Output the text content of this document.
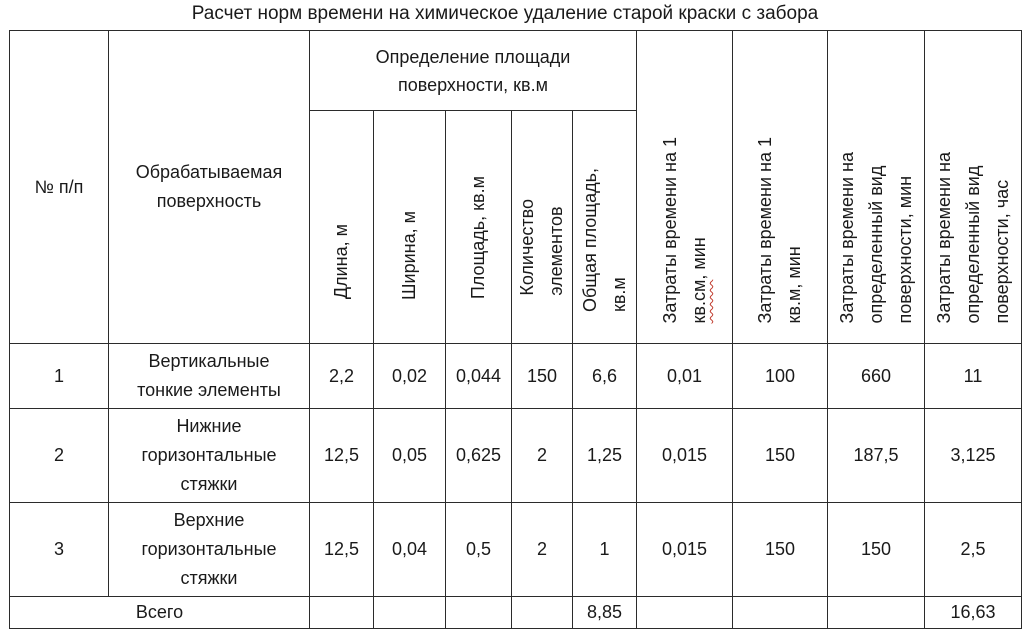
Расчет норм времени на химическое удаление старой краски с забора
№ п/п	Обрабатываемая поверхность	Определение площади поверхности, кв.м					Затраты времени на 1 кв.см, мин	Затраты времени на 1 кв.м, мин	Затраты времени на определенный вид поверхности, мин	Затраты времени на определенный вид поверхности, час

		Длина, м	Ширина, м	Площадь, кв.м	Количество элементов	Общая площадь, кв.м				

1	Вертикальные тонкие элементы	2,2	0,02	0,044	150	6,6	0,01	100	660	11
2	Нижние горизонтальные стяжки	12,5	0,05	0,625	2	1,25	0,015	150	187,5	3,125
3	Верхние горизонтальные стяжки	12,5	0,04	0,5	2	1	0,015	150	150	2,5
Всего						8,85				16,63
